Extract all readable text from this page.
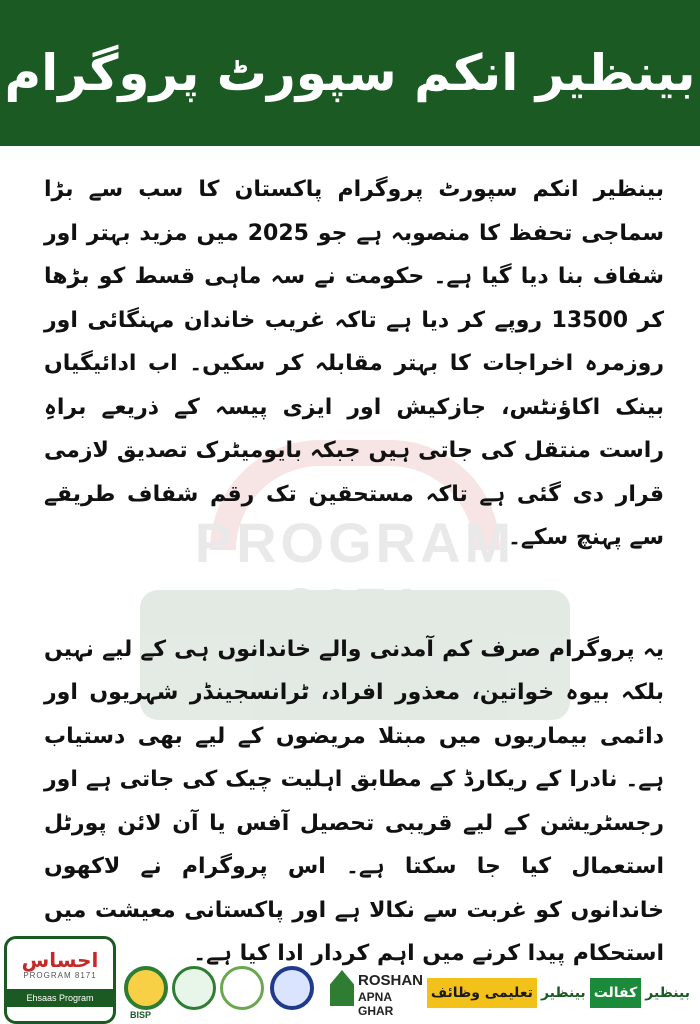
بینظیر انکم سپورٹ پروگرام
PROGRAM 8171

بینظیر انکم سپورٹ پروگرام پاکستان کا سب سے بڑا سماجی تحفظ کا منصوبہ ہے جو 2025 میں مزید بہتر اور شفاف بنا دیا گیا ہے۔ حکومت نے سہ ماہی قسط کو بڑھا کر 13500 روپے کر دیا ہے تاکہ غریب خاندان مہنگائی اور روزمرہ اخراجات کا بہتر مقابلہ کر سکیں۔ اب ادائیگیاں بینک اکاؤنٹس، جازکیش اور ایزی پیسہ کے ذریعے براہِ راست منتقل کی جاتی ہیں جبکہ بایومیٹرک تصدیق لازمی قرار دی گئی ہے تاکہ مستحقین تک رقم شفاف طریقے سے پہنچ سکے۔

یہ پروگرام صرف کم آمدنی والے خاندانوں ہی کے لیے نہیں بلکہ بیوہ خواتین، معذور افراد، ٹرانسجینڈر شہریوں اور دائمی بیماریوں میں مبتلا مریضوں کے لیے بھی دستیاب ہے۔ نادرا کے ریکارڈ کے مطابق اہلیت چیک کی جاتی ہے اور رجسٹریشن کے لیے قریبی تحصیل آفس یا آن لائن پورٹل استعمال کیا جا سکتا ہے۔ اس پروگرام نے لاکھوں خاندانوں کو غربت سے نکالا ہے اور پاکستانی معیشت میں استحکام پیدا کرنے میں اہم کردار ادا کیا ہے۔

احساس
PROGRAM 8171
Ehsaas Program
BISP
ROSHAN
APNA GHAR
تعلیمی وظائف بینظیر کفالت بینظیر
